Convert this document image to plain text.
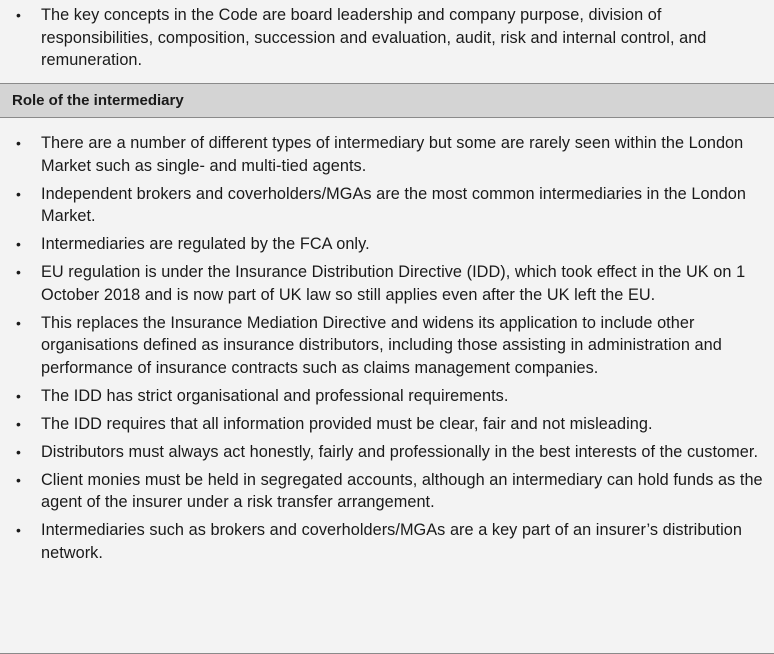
• The key concepts in the Code are board leadership and company purpose, division of responsibilities, composition, succession and evaluation, audit, risk and internal control, and remuneration.
Role of the intermediary
• There are a number of different types of intermediary but some are rarely seen within the London Market such as single- and multi-tied agents.
• Independent brokers and coverholders/MGAs are the most common intermediaries in the London Market.
• Intermediaries are regulated by the FCA only.
• EU regulation is under the Insurance Distribution Directive (IDD), which took effect in the UK on 1 October 2018 and is now part of UK law so still applies even after the UK left the EU.
• This replaces the Insurance Mediation Directive and widens its application to include other organisations defined as insurance distributors, including those assisting in administration and performance of insurance contracts such as claims management companies.
• The IDD has strict organisational and professional requirements.
• The IDD requires that all information provided must be clear, fair and not misleading.
• Distributors must always act honestly, fairly and professionally in the best interests of the customer.
• Client monies must be held in segregated accounts, although an intermediary can hold funds as the agent of the insurer under a risk transfer arrangement.
• Intermediaries such as brokers and coverholders/MGAs are a key part of an insurer’s distribution network.
